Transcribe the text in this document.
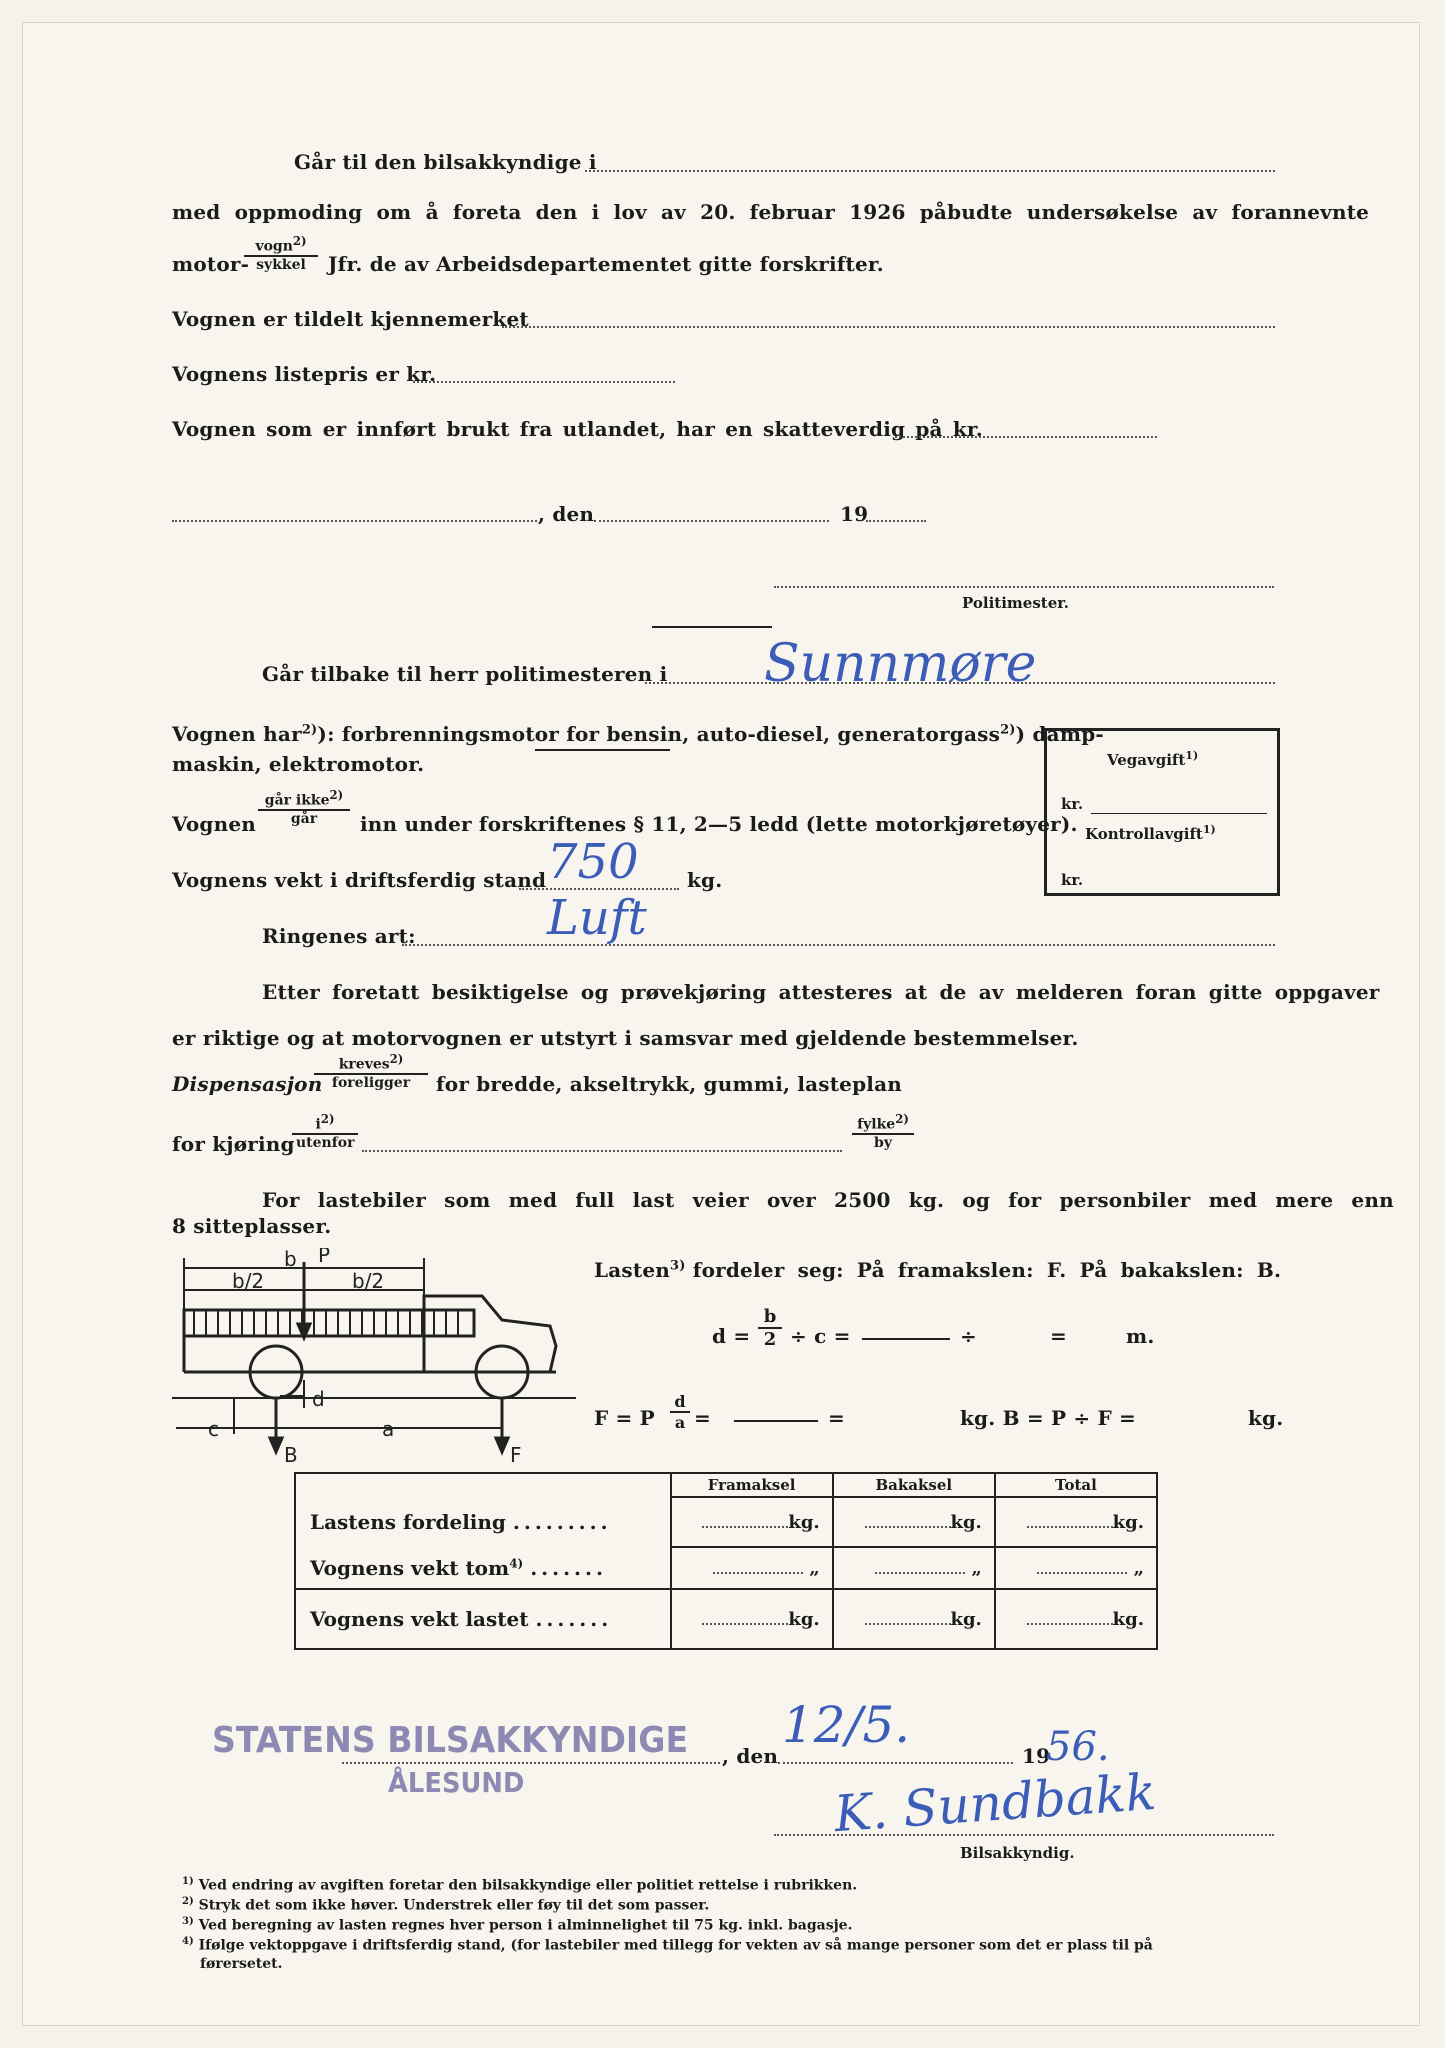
Går til den bilsakkyndige i
med oppmoding om å foreta den i lov av 20. februar 1926 påbudte undersøkelse av forannevnte
motor-
vogn$^{2)}$
sykkel	Jfr. de av Arbeidsdepartementet gitte forskrifter.
Vognen er tildelt kjennemerket
Vognens listepris er kr.
Vognen som er innført brukt fra utlandet, har en skatteverdig på kr.
, den	19
Politimester.
Går tilbake til herr politimesteren i Sunnmøre
Vognen har$^{2)}$): forbrenningsmotor for bensin, auto-diesel, generatorgass$^{2)}$) damp-
maskin, elektromotor.
Vognen
går ikke$^{2)}$
går	inn under forskriftenes § 11, 2—5 ledd (lette motorkjøretøyer).
Vognens vekt i driftsferdig stand 750 kg.
Ringenes art:	Luft
Vegavgift$^{1)}$
kr.
Kontrollavgift$^{1)}$
kr.
Etter foretatt besiktigelse og prøvekjøring attesteres at de av melderen foran gitte oppgaver
er riktige og at motorvognen er utstyrt i samsvar med gjeldende bestemmelser.
Dispensasjon
kreves$^{2)}$
foreligger	for bredde, akseltrykk, gummi, lasteplan
for kjøring
$i^{2)}$
utenfor
fylke$^{2)}$
by
For lastebiler som med full last veier over 2500 kg. og for personbiler med mere enn
8 sitteplasser.
P
b
b/2	b/2
c
d
a
B	F
Lasten$^{3)}$ fordeler seg: På framakslen: F. På bakakslen: B.
$d = \frac{b}{2} \div c$ =	÷	=	m.
F = P $\frac{d}{a}$ =	=	kg. B = P ÷ F =	kg.
	Framaksel	Bakaksel	Total
Lastens fordeling .........	kg.	kg.	kg.
Vognens vekt tom$^{4)}$ .......	„	„	„
Vognens vekt lastet .......	kg.	kg.	kg.
STATENS BILSAKKYNDIGE
ÅLESUND
, den
12/5.
19
56.
K. Sundbakk
Bilsakkyndig.
$^{1)}$ Ved endring av avgiften foretar den bilsakkyndige eller politiet rettelse i rubrikken.
$^{2)}$ Stryk det som ikke høver. Understrek eller føy til det som passer.
$^{3)}$ Ved beregning av lasten regnes hver person i alminnelighet til 75 kg. inkl. bagasje.
$^{4)}$ Ifølge vektoppgave i driftsferdig stand, (for lastebiler med tillegg for vekten av så mange personer som det er plass til på
førersetet.
